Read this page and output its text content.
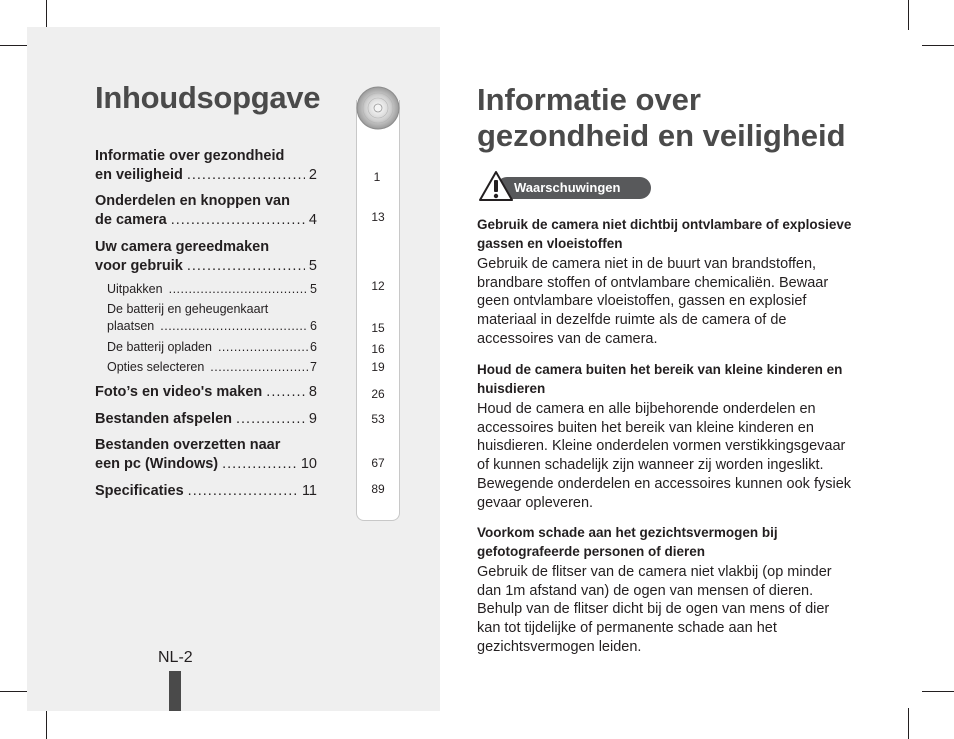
Inhoudsopgave
1
13
12
15
16
19
26
53
67
89
Informatie over gezondheid
en veiligheid .....	2
Onderdelen en knoppen van
de camera .....	4
Uw camera gereedmaken
voor gebruik .....	5
Uitpakken .....	5
De batterij en geheugenkaart
plaatsen .....	6
De batterij opladen .....	6
Opties selecteren .....	7
Foto’s en video's maken .....	8
Bestanden afspelen .....	9
Bestanden overzetten naar
een pc (Windows) .....	10
Specificaties .....	11
NL-2
Informatie over
gezondheid en veiligheid
Waarschuwingen
Gebruik de camera niet dichtbij ontvlambare of explosieve gassen en vloeistoffen

Gebruik de camera niet in de buurt van brandstoffen, brandbare stoffen of ontvlambare chemicaliën. Bewaar geen ontvlambare vloeistoffen, gassen en explosief materiaal in dezelfde ruimte als de camera of de accessoires van de camera.

Houd de camera buiten het bereik van kleine kinderen en huisdieren

Houd de camera en alle bijbehorende onderdelen en accessoires buiten het bereik van kleine kinderen en huisdieren. Kleine onderdelen vormen verstikkingsgevaar of kunnen schadelijk zijn wanneer zij worden ingeslikt. Bewegende onderdelen en accessoires kunnen ook fysiek gevaar opleveren.

Voorkom schade aan het gezichtsvermogen bij gefotografeerde personen of dieren

Gebruik de flitser van de camera niet vlakbij (op minder dan 1m afstand van) de ogen van mensen of dieren. Behulp van de flitser dicht bij de ogen van mens of dier kan tot tijdelijke of permanente schade aan het gezichtsvermogen leiden.
